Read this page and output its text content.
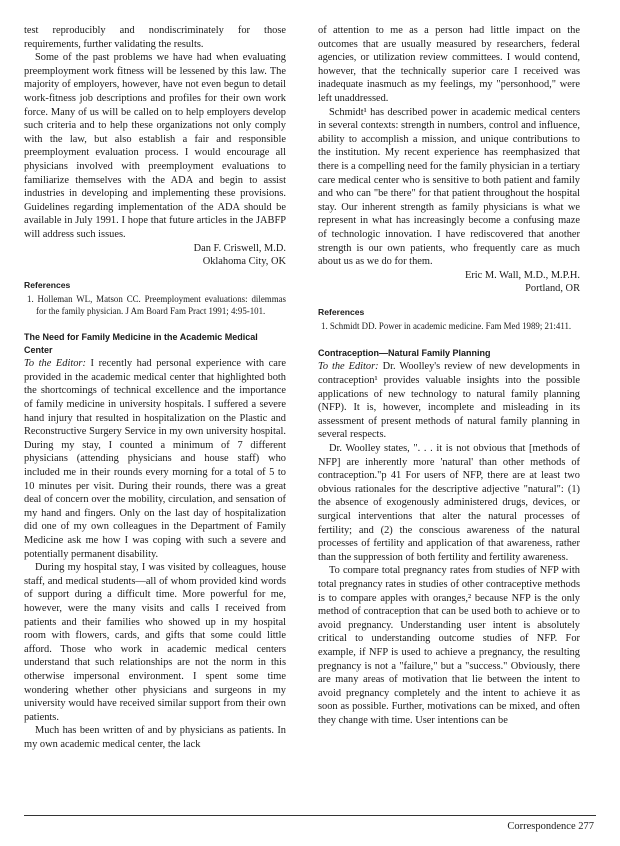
test reproducibly and nondiscriminately for those requirements, further validating the results.

Some of the past problems we have had when evaluating preemployment work fitness will be lessened by this law. The majority of employers, however, have not even begun to detail work-fitness job descriptions and profiles for their own work force. Many of us will be called on to help employers develop such criteria and to help these organizations not only comply with the law, but also establish a fair and responsible preemployment evaluation process. I would encourage all physicians involved with preemployment evaluations to familiarize themselves with the ADA and begin to assist industries in developing and implementing these provisions. Guidelines regarding implementation of the ADA should be available in July 1991. I hope that future articles in the JABFP will address such issues.

Dan F. Criswell, M.D.

Oklahoma City, OK

References

1. Holleman WL, Matson CC. Preemployment evaluations: dilemmas for the family physician. J Am Board Fam Pract 1991; 4:95-101.

The Need for Family Medicine in the Academic Medical Center

To the Editor: I recently had personal experience with care provided in the academic medical center that highlighted both the shortcomings of technical excellence and the importance of family medicine in university hospitals. I suffered a severe hand injury that resulted in hospitalization on the Plastic and Reconstructive Surgery Service in my own university hospital. During my stay, I counted a minimum of 7 different physicians (attending physicians and house staff) who included me in their rounds every morning for a total of 5 to 10 minutes per visit. During their rounds, there was a great deal of concern over the mobility, circulation, and sensation of my hand and fingers. Only on the last day of hospitalization did one of my own colleagues in the Department of Family Medicine ask me how I was coping with such a severe and potentially permanent disability.

During my hospital stay, I was visited by colleagues, house staff, and medical students—all of whom provided kind words of support during a difficult time. More powerful for me, however, were the many visits and calls I received from patients and their families who showed up in my hospital room with flowers, cards, and gifts that some could little afford. Those who work in academic medical centers understand that such relationships are not the norm in this otherwise impersonal environment. I spent some time wondering whether other physicians and surgeons in my university would have received similar support from their own patients.

Much has been written of and by physicians as patients. In my own academic medical center, the lack

of attention to me as a person had little impact on the outcomes that are usually measured by researchers, federal agencies, or utilization review committees. I would contend, however, that the technically superior care I received was inadequate inasmuch as my feelings, my "personhood," were left unaddressed.

Schmidt¹ has described power in academic medical centers in several contexts: strength in numbers, control and influence, ability to accomplish a mission, and unique contributions to the institution. My recent experience has reemphasized that there is a compelling need for the family physician in a tertiary care medical center who is sensitive to both patient and family and who can "be there" for that patient throughout the hospital stay. Our inherent strength as family physicians is what we represent in what has increasingly become a confusing maze of technologic innovation. I have rediscovered that another strength is our own patients, who frequently care as much about us as we do for them.

Eric M. Wall, M.D., M.P.H.

Portland, OR

References

1. Schmidt DD. Power in academic medicine. Fam Med 1989; 21:411.

Contraception—Natural Family Planning

To the Editor: Dr. Woolley's review of new developments in contraception¹ provides valuable insights into the possible applications of new technology to natural family planning (NFP). It is, however, incomplete and misleading in its assessment of present methods of natural family planning in several respects.

Dr. Woolley states, ". . . it is not obvious that [methods of NFP] are inherently more 'natural' than other methods of contraception."p 41 For users of NFP, there are at least two obvious rationales for the descriptive adjective "natural": (1) the absence of exogenously administered drugs, devices, or surgical interventions that alter the natural processes of fertility; and (2) the conscious awareness of the natural processes of fertility and application of that awareness, rather than the suppression of both fertility and fertility awareness.

To compare total pregnancy rates from studies of NFP with total pregnancy rates in studies of other contraceptive methods is to compare apples with oranges,² because NFP is the only method of contraception that can be used both to achieve or to avoid pregnancy. Understanding user intent is absolutely critical to understanding outcome studies of NFP. For example, if NFP is used to achieve a pregnancy, the resulting pregnancy is not a "failure," but a "success." Obviously, there are many areas of motivation that lie between the intent to avoid pregnancy completely and the intent to achieve it as soon as possible. Further, motivations can be mixed, and often they change with time. User intentions can be

Correspondence 277
